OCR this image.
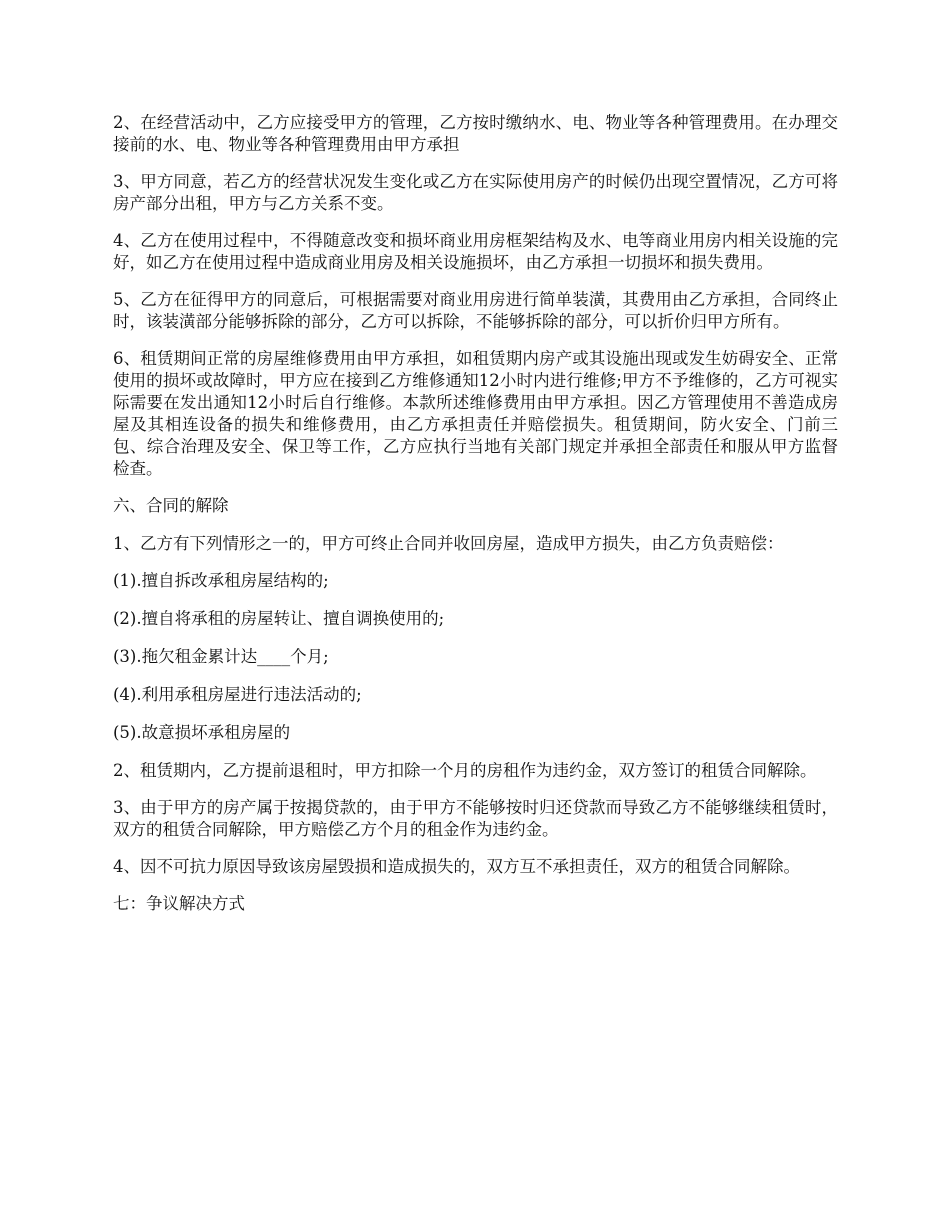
2、在经营活动中，乙方应接受甲方的管理，乙方按时缴纳水、电、物业等各种管理费用。在办理交接前的水、电、物业等各种管理费用由甲方承担

3、甲方同意，若乙方的经营状况发生变化或乙方在实际使用房产的时候仍出现空置情况，乙方可将房产部分出租，甲方与乙方关系不变。

4、乙方在使用过程中，不得随意改变和损坏商业用房框架结构及水、电等商业用房内相关设施的完好，如乙方在使用过程中造成商业用房及相关设施损坏，由乙方承担一切损坏和损失费用。

5、乙方在征得甲方的同意后，可根据需要对商业用房进行简单装潢，其费用由乙方承担，合同终止时，该装潢部分能够拆除的部分，乙方可以拆除，不能够拆除的部分，可以折价归甲方所有。

6、租赁期间正常的房屋维修费用由甲方承担，如租赁期内房产或其设施出现或发生妨碍安全、正常使用的损坏或故障时，甲方应在接到乙方维修通知12小时内进行维修;甲方不予维修的，乙方可视实际需要在发出通知12小时后自行维修。本款所述维修费用由甲方承担。因乙方管理使用不善造成房屋及其相连设备的损失和维修费用，由乙方承担责任并赔偿损失。租赁期间，防火安全、门前三包、综合治理及安全、保卫等工作，乙方应执行当地有关部门规定并承担全部责任和服从甲方监督检查。

六、合同的解除

1、乙方有下列情形之一的，甲方可终止合同并收回房屋，造成甲方损失，由乙方负责赔偿：

(1).擅自拆改承租房屋结构的;

(2).擅自将承租的房屋转让、擅自调换使用的;

(3).拖欠租金累计达____个月;

(4).利用承租房屋进行违法活动的;

(5).故意损坏承租房屋的

2、租赁期内，乙方提前退租时，甲方扣除一个月的房租作为违约金，双方签订的租赁合同解除。

3、由于甲方的房产属于按揭贷款的，由于甲方不能够按时归还贷款而导致乙方不能够继续租赁时，双方的租赁合同解除，甲方赔偿乙方个月的租金作为违约金。

4、因不可抗力原因导致该房屋毁损和造成损失的，双方互不承担责任，双方的租赁合同解除。

七：争议解决方式
